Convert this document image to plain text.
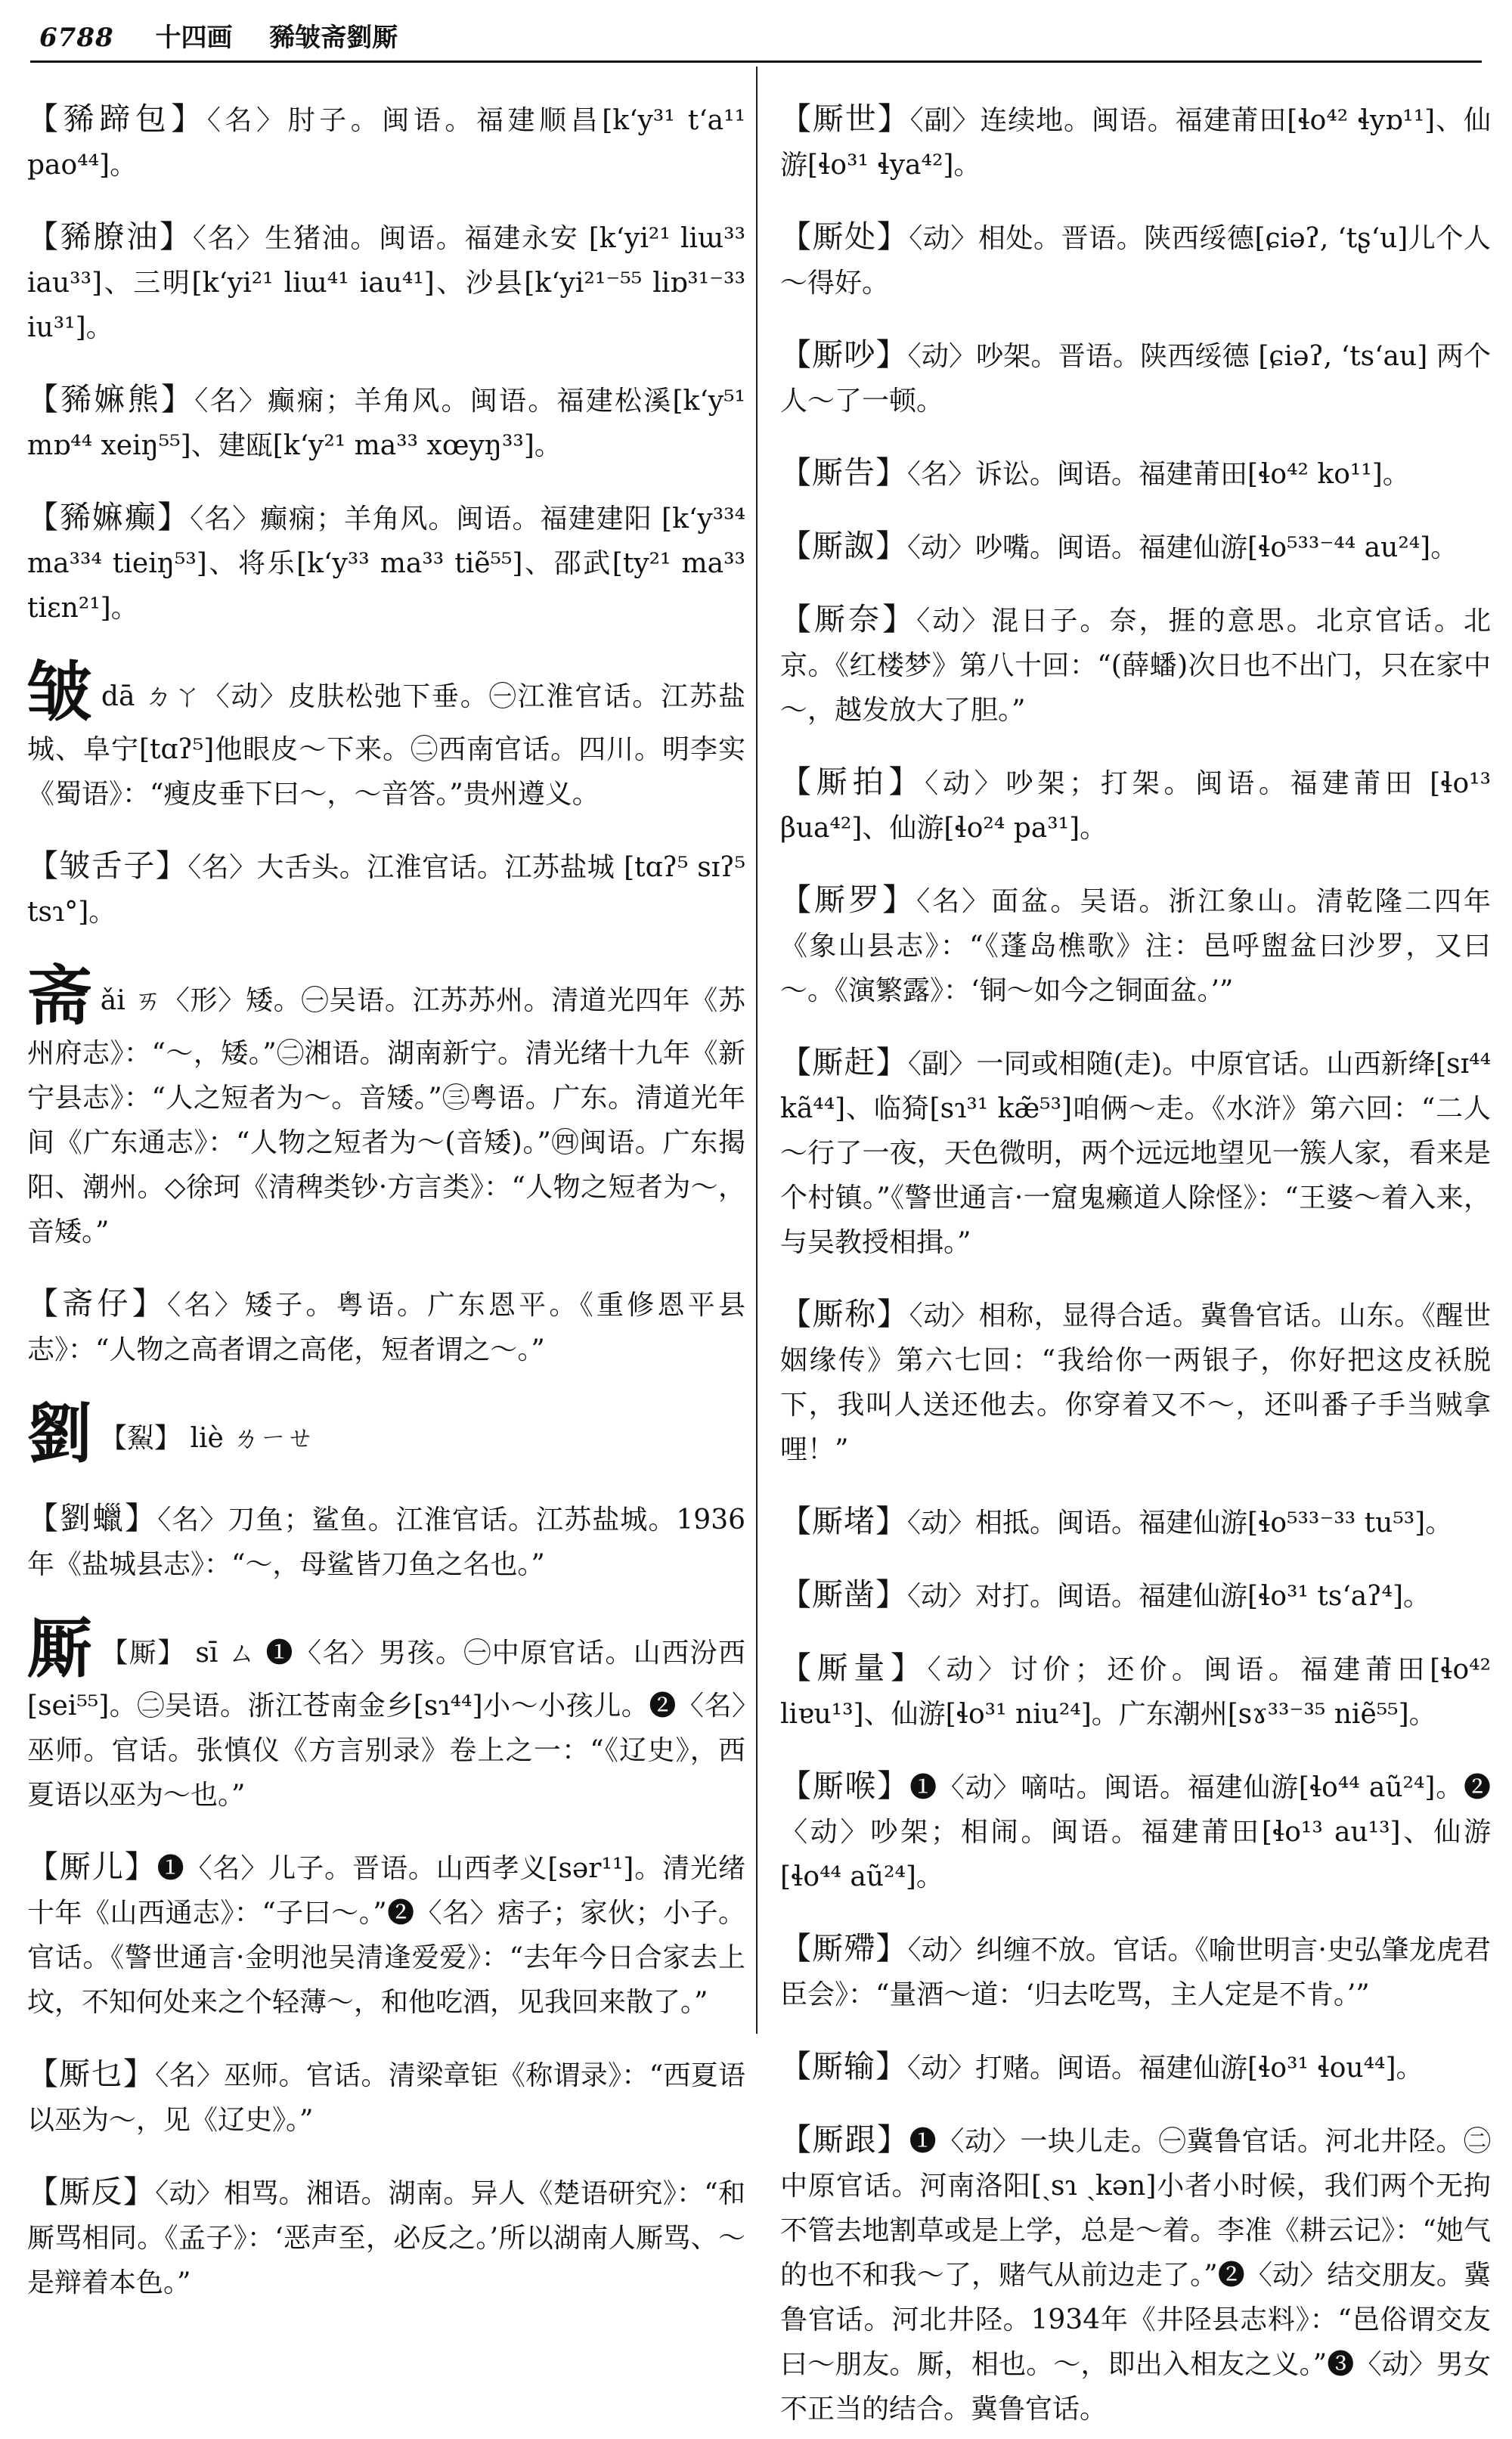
6788 十四画 豨皱斋劉厮

【豨蹄包】〈名〉肘子。闽语。福建顺昌[kʻy³¹ tʻa¹¹ pao⁴⁴]。

【豨膫油】〈名〉生猪油。闽语。福建永安 [kʻyi²¹ liɯ³³ iau³³]、三明[kʻyi²¹ liɯ⁴¹ iau⁴¹]、沙县[kʻyi²¹⁻⁵⁵ liɒ³¹⁻³³ iu³¹]。

【豨嫲熊】〈名〉癫痫；羊角风。闽语。福建松溪[kʻy⁵¹ mɒ⁴⁴ xeiŋ⁵⁵]、建瓯[kʻy²¹ ma³³ xœyŋ³³]。

【豨嫲癫】〈名〉癫痫；羊角风。闽语。福建建阳 [kʻy³³⁴ ma³³⁴ tieiŋ⁵³]、将乐[kʻy³³ ma³³ tiẽ⁵⁵]、邵武[ty²¹ ma³³ tiɛn²¹]。

皱dā ㄉㄚ〈动〉皮肤松弛下垂。㊀江淮官话。江苏盐城、阜宁[tɑʔ⁵]他眼皮～下来。㊁西南官话。四川。明李实《蜀语》：“瘦皮垂下曰～，～音答。”贵州遵义。

【皱舌子】〈名〉大舌头。江淮官话。江苏盐城 [tɑʔ⁵ sɪʔ⁵ tsɿ°]。

斋ǎi ㄞ〈形〉矮。㊀吴语。江苏苏州。清道光四年《苏州府志》：“～，矮。”㊁湘语。湖南新宁。清光绪十九年《新宁县志》：“人之短者为～。音矮。”㊂粤语。广东。清道光年间《广东通志》：“人物之短者为～(音矮)。”㊃闽语。广东揭阳、潮州。◇徐珂《清稗类钞·方言类》：“人物之短者为～，音矮。”

【斋仔】〈名〉矮子。粤语。广东恩平。《重修恩平县志》：“人物之高者谓之高佬，短者谓之～。”

劉 【鮤】 liè ㄌㄧㄝ

【劉蠟】〈名〉刀鱼；鲨鱼。江淮官话。江苏盐城。1936年《盐城县志》：“～，母鲨皆刀鱼之名也。”

厮 【厮】 sī ㄙ ❶〈名〉男孩。㊀中原官话。山西汾西[sei⁵⁵]。㊁吴语。浙江苍南金乡[sɿ⁴⁴]小～小孩儿。❷〈名〉巫师。官话。张慎仪《方言别录》卷上之一：“《辽史》，西夏语以巫为～也。”

【厮儿】❶〈名〉儿子。晋语。山西孝义[sər¹¹]。清光绪十年《山西通志》：“子曰～。”❷〈名〉痞子；家伙；小子。官话。《警世通言·金明池吴清逢爱爱》：“去年今日合家去上坟，不知何处来之个轻薄～，和他吃酒，见我回来散了。”

【厮乜】〈名〉巫师。官话。清梁章钜《称谓录》：“西夏语以巫为～，见《辽史》。”

【厮反】〈动〉相骂。湘语。湖南。异人《楚语研究》：“和厮骂相同。《孟子》：‘恶声至，必反之。’所以湖南人厮骂、～是辩着本色。”

【厮世】〈副〉连续地。闽语。福建莆田[ɬo⁴² ɬyɒ¹¹]、仙游[ɬo³¹ ɬya⁴²]。

【厮处】〈动〉相处。晋语。陕西绥德[ɕiəʔ, ʻtʂʻu]儿个人～得好。

【厮吵】〈动〉吵架。晋语。陕西绥德 [ɕiəʔ, ʻtsʻau] 两个人～了一顿。

【厮告】〈名〉诉讼。闽语。福建莆田[ɬo⁴² ko¹¹]。

【厮詉】〈动〉吵嘴。闽语。福建仙游[ɬo⁵³³⁻⁴⁴ au²⁴]。

【厮奈】〈动〉混日子。奈，捱的意思。北京官话。北京。《红楼梦》第八十回：“(薛蟠)次日也不出门，只在家中～，越发放大了胆。”

【厮拍】〈动〉吵架；打架。闽语。福建莆田 [ɬo¹³ βua⁴²]、仙游[ɬo²⁴ pa³¹]。

【厮罗】〈名〉面盆。吴语。浙江象山。清乾隆二四年《象山县志》：“《蓬岛樵歌》注：邑呼盥盆曰沙罗，又曰～。《演繁露》：‘铜～如今之铜面盆。’”

【厮赶】〈副〉一同或相随(走)。中原官话。山西新绛[sɪ⁴⁴ kã⁴⁴]、临猗[sɿ³¹ kæ̃⁵³]咱俩～走。《水浒》第六回：“二人～行了一夜，天色微明，两个远远地望见一簇人家，看来是个村镇。”《警世通言·一窟鬼癞道人除怪》：“王婆～着入来，与吴教授相揖。”

【厮称】〈动〉相称，显得合适。冀鲁官话。山东。《醒世姻缘传》第六七回：“我给你一两银子，你好把这皮袄脱下，我叫人送还他去。你穿着又不～，还叫番子手当贼拿哩！”

【厮堵】〈动〉相抵。闽语。福建仙游[ɬo⁵³³⁻³³ tu⁵³]。

【厮凿】〈动〉对打。闽语。福建仙游[ɬo³¹ tsʻaʔ⁴]。

【厮量】〈动〉讨价；还价。闽语。福建莆田[ɬo⁴² liɐu¹³]、仙游[ɬo³¹ niu²⁴]。广东潮州[sɤ³³⁻³⁵ niẽ⁵⁵]。

【厮喉】❶〈动〉嘀咕。闽语。福建仙游[ɬo⁴⁴ aũ²⁴]。❷〈动〉吵架；相闹。闽语。福建莆田[ɬo¹³ au¹³]、仙游[ɬo⁴⁴ aũ²⁴]。

【厮殢】〈动〉纠缠不放。官话。《喻世明言·史弘肇龙虎君臣会》：“量酒～道：‘归去吃骂，主人定是不肯。’”

【厮输】〈动〉打赌。闽语。福建仙游[ɬo³¹ ɬou⁴⁴]。

【厮跟】❶〈动〉一块儿走。㊀冀鲁官话。河北井陉。㊁中原官话。河南洛阳[ˏsɿ ˏkən]小者小时候，我们两个无拘不管去地割草或是上学，总是～着。李准《耕云记》：“她气的也不和我～了，赌气从前边走了。”❷〈动〉结交朋友。冀鲁官话。河北井陉。1934年《井陉县志料》：“邑俗谓交友曰～朋友。厮，相也。～，即出入相友之义。”❸〈动〉男女不正当的结合。冀鲁官话。
